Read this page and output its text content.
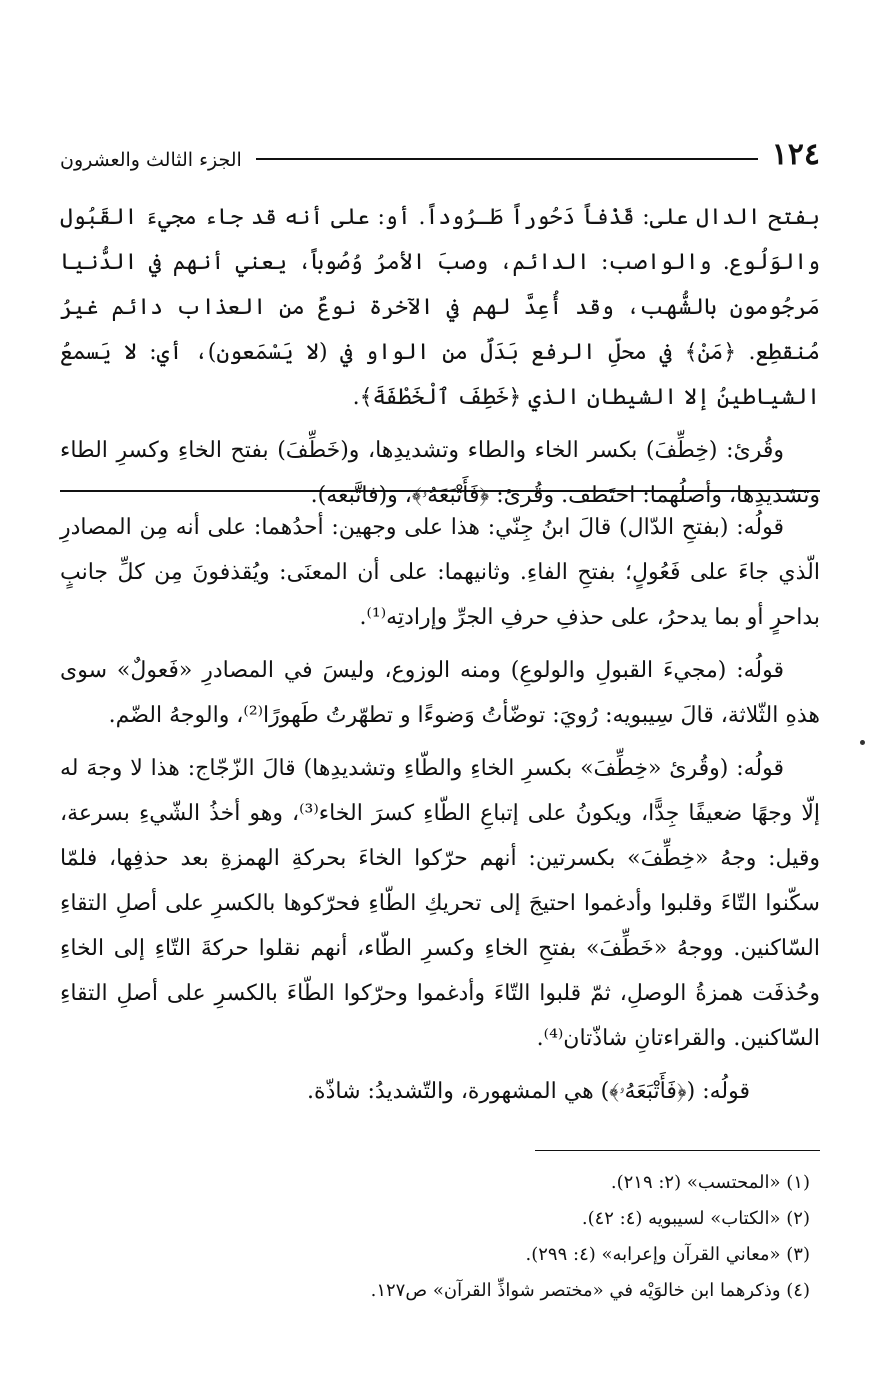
١٢٤
الجزء الثالث والعشرون

بفتح الدال على: قَذْفاً دَحُوراً طَـرُوداً. أو: على أنه قد جاء مجيءَ القَبُول والوَلُوع. والواصب: الدائم، وصبَ الأمرُ وُصُوباً، يعني أنهم في الدُّنيا مَرجُومون بالشُّهب، وقد أُعِدَّ لهم في الآخرة نوعٌ من العذاب دائم غيرُ مُنقطِع. ﴿مَنْ﴾ في محلِّ الرفع بَدَلٌ من الواو في (لا يَسْمَعون)، أي: لا يَسمعُ الشياطينُ إلا الشيطان الذي ﴿خَطِفَ ٱلْخَطْفَةَ﴾.

وقُرئ: (خِطِّفَ) بكسر الخاء والطاء وتشديدِها، و(خَطِّفَ) بفتح الخاءِ وكسرِ الطاء وتشديدِها، وأصلُهما: اختَطف. وقُرئ: ﴿فَأَتْبَعَهُۥ﴾، و(فاتَّبعه).

قولُه: (بفتحِ الدّال) قالَ ابنُ جِنّي: هذا على وجهين: أحدُهما: على أنه مِن المصادرِ الّذي جاءَ على فَعُولٍ؛ بفتحِ الفاءِ. وثانيهما: على أن المعنَى: ويُقذفونَ مِن كلِّ جانبٍ بداحرٍ أو بما يدحرُ، على حذفِ حرفِ الجرِّ وإرادتِه⁽¹⁾.

قولُه: (مجيءَ القبولِ والولوعِ) ومنه الوزوع، وليسَ في المصادرِ «فَعولٌ» سوى هذهِ الثّلاثة، قالَ سِيبويه: رُويَ: توضّأتُ وَضوءًا و تطهّرتُ طَهورًا⁽²⁾، والوجهُ الضّم.

قولُه: (وقُرئ «خِطِّفَ» بكسرِ الخاءِ والطّاءِ وتشديدِها) قالَ الزّجّاج: هذا لا وجهَ له إلّا وجهًا ضعيفًا جِدًّا، ويكونُ على إتباعِ الطّاءِ كسرَ الخاء⁽³⁾، وهو أخذُ الشّيءِ بسرعة، وقيل: وجهُ «خِطِّفَ» بكسرتين: أنهم حرّكوا الخاءَ بحركةِ الهمزةِ بعد حذفِها، فلمّا سكّنوا التّاءَ وقلبوا وأدغموا احتيجَ إلى تحريكِ الطّاءِ فحرّكوها بالكسرِ على أصلِ التقاءِ السّاكنين. ووجهُ «خَطِّفَ» بفتحِ الخاءِ وكسرِ الطّاء، أنهم نقلوا حركةَ التّاءِ إلى الخاءِ وحُذفَت همزةُ الوصلِ، ثمّ قلبوا التّاءَ وأدغموا وحرّكوا الطّاءَ بالكسرِ على أصلِ التقاءِ السّاكنين. والقراءتانِ شاذّتان⁽⁴⁾.

قولُه: (﴿فَأَتْبَعَهُۥ﴾) هي المشهورة، والتّشديدُ: شاذّة.

(١) «المحتسب» (٢: ٢١٩).

(٢) «الكتاب» لسيبويه (٤: ٤٢).

(٣) «معاني القرآن وإعرابه» (٤: ٢٩٩).

(٤) وذكرهما ابن خالوَيْه في «مختصر شواذِّ القرآن» ص١٢٧.
